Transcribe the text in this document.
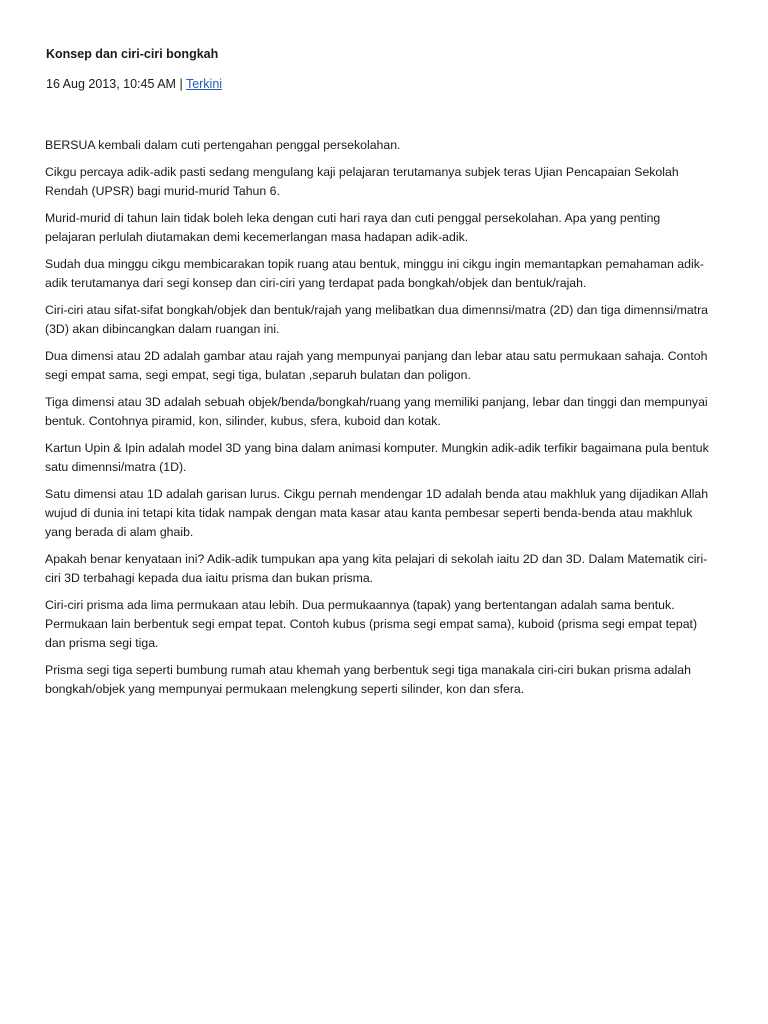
Konsep dan ciri-ciri bongkah
16 Aug 2013, 10:45 AM | Terkini

BERSUA kembali dalam cuti pertengahan penggal persekolahan.

Cikgu percaya adik-adik pasti sedang mengulang kaji pelajaran terutamanya subjek teras Ujian Pencapaian Sekolah Rendah (UPSR) bagi murid-murid Tahun 6.

Murid-murid di tahun lain tidak boleh leka dengan cuti hari raya dan cuti penggal persekolahan. Apa yang penting pelajaran perlulah diutamakan demi kecemerlangan masa hadapan adik-adik.

Sudah dua minggu cikgu membicarakan topik ruang atau bentuk, minggu ini cikgu ingin memantapkan pemahaman adik-adik terutamanya dari segi konsep dan ciri-ciri yang terdapat pada bongkah/objek dan bentuk/rajah.

Ciri-ciri atau sifat-sifat bongkah/objek dan bentuk/rajah yang melibatkan dua dimennsi/matra (2D) dan tiga dimennsi/matra (3D) akan dibincangkan dalam ruangan ini.

Dua dimensi atau 2D adalah gambar atau rajah yang mempunyai panjang dan lebar atau satu permukaan sahaja. Contoh segi empat sama, segi empat, segi tiga, bulatan ,separuh bulatan dan poligon.

Tiga dimensi atau 3D adalah sebuah objek/benda/bongkah/ruang yang memiliki panjang, lebar dan tinggi dan mempunyai bentuk. Contohnya piramid, kon, silinder, kubus, sfera, kuboid dan kotak.

Kartun Upin & Ipin adalah model 3D yang bina dalam animasi komputer. Mungkin adik-adik terfikir bagaimana pula bentuk satu dimennsi/matra (1D).

Satu dimensi atau 1D adalah garisan lurus. Cikgu pernah mendengar 1D adalah benda atau makhluk yang dijadikan Allah wujud di dunia ini tetapi kita tidak nampak dengan mata kasar atau kanta pembesar seperti benda-benda atau makhluk yang berada di alam ghaib.

Apakah benar kenyataan ini? Adik-adik tumpukan apa yang kita pelajari di sekolah iaitu 2D dan 3D. Dalam Matematik ciri-ciri 3D terbahagi kepada dua iaitu prisma dan bukan prisma.

Ciri-ciri prisma ada lima permukaan atau lebih. Dua permukaannya (tapak) yang bertentangan adalah sama bentuk. Permukaan lain berbentuk segi empat tepat. Contoh kubus (prisma segi empat sama), kuboid (prisma segi empat tepat) dan prisma segi tiga.

Prisma segi tiga seperti bumbung rumah atau khemah yang berbentuk segi tiga manakala ciri-ciri bukan prisma adalah bongkah/objek yang mempunyai permukaan melengkung seperti silinder, kon dan sfera.
